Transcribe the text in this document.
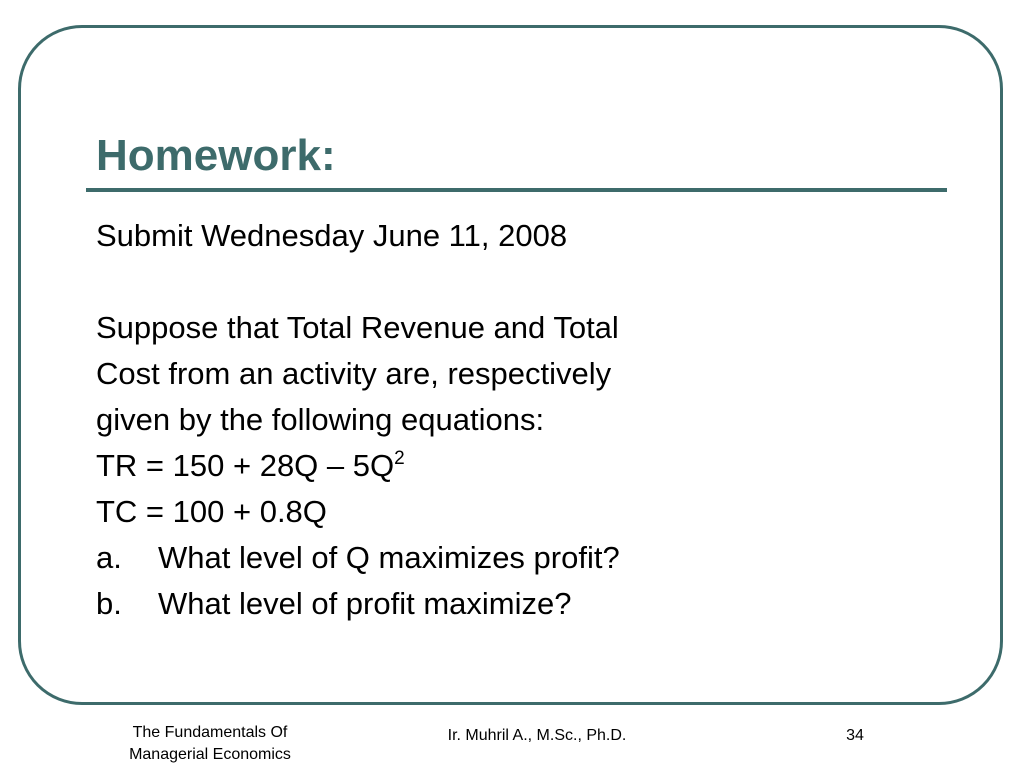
Homework:
Submit Wednesday June 11, 2008
Suppose that Total Revenue and Total
Cost from an activity are, respectively
given by the following equations:
TR = $150 + 28Q - 5Q^2$
TC = 100 + 0.8Q
a. What level of Q maximizes profit?
b. What level of profit maximize?
The Fundamentals Of
Managerial Economics
Ir. Muhril A., M.Sc., Ph.D.	34
